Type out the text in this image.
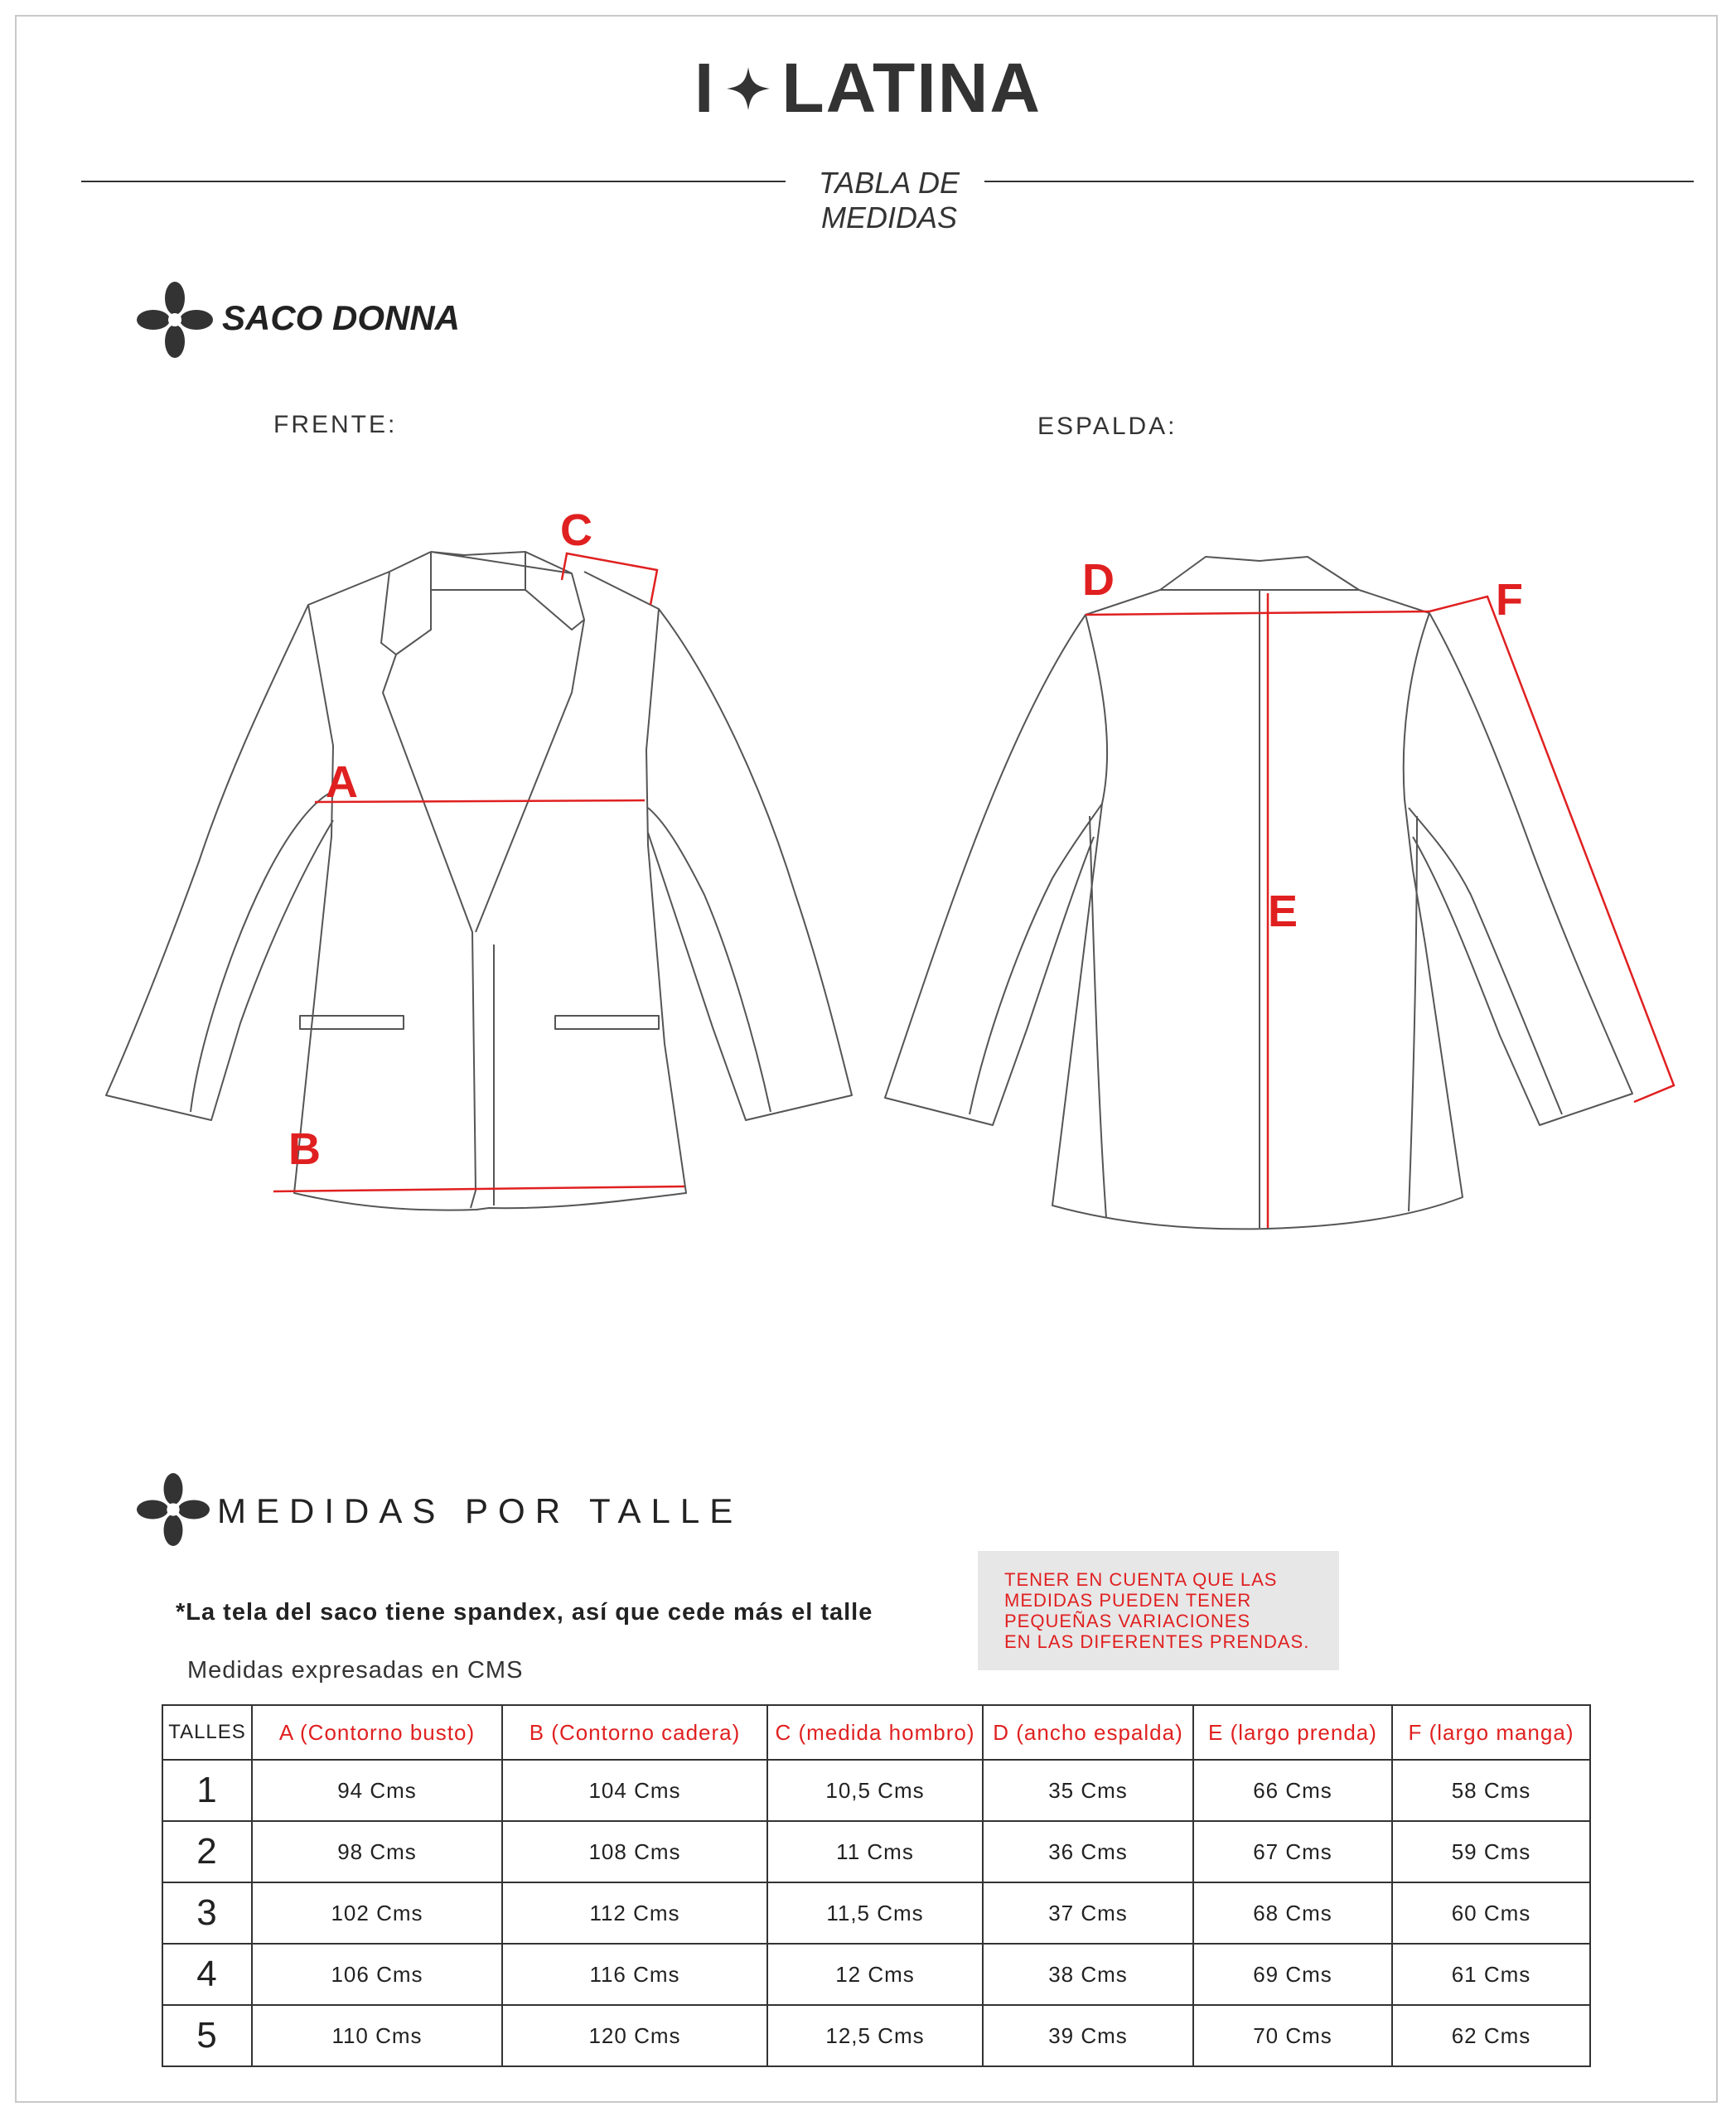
I LATINA
TABLA DE
MEDIDAS
SACO DONNA
FRENTE:	ESPALDA:
A
B
C
D
E
F
MEDIDAS POR TALLE
*La tela del saco tiene spandex, así que cede más el talle
Medidas expresadas en CMS
TENER EN CUENTA QUE LAS
MEDIDAS PUEDEN TENER
PEQUEÑAS VARIACIONES
EN LAS DIFERENTES PRENDAS.
TALLES	A (Contorno busto)	B (Contorno cadera)	C (medida hombro)	D (ancho espalda)	E (largo prenda)	F (largo manga)
1	94 Cms	104 Cms	10,5 Cms	35 Cms	66 Cms	58 Cms
2	98 Cms	108 Cms	11 Cms	36 Cms	67 Cms	59 Cms
3	102 Cms	112 Cms	11,5 Cms	37 Cms	68 Cms	60 Cms
4	106 Cms	116 Cms	12 Cms	38 Cms	69 Cms	61 Cms
5	110 Cms	120 Cms	12,5 Cms	39 Cms	70 Cms	62 Cms
